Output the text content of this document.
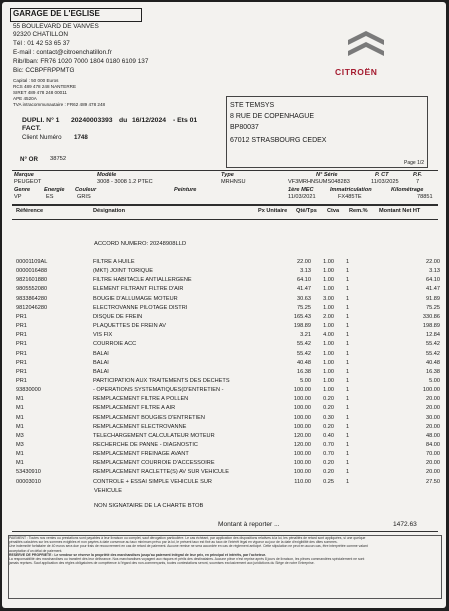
GARAGE DE L'EGLISE
55 BOULEVARD DE VANVES
92320 CHATILLON
Tél : 01 42 53 65 37
E-mail : contact@citroenchatillon.fr
Rib/Iban: FR76 1020 7000 1804 0180 6109 137
Bic: CCBPFRPPMTG
Capital : 50 000 Euros
RCS 489 478 248 NANTERRE
SIRET 489 478 248 00011
APE 4520A
TVA intracommunautaire : FR62 489 478 248
CITROËN
DUPLI. N° 1 20240003393 du 16/12/2024 - Ets 01
FACT.
Client Numéro 1748
STE TEMSYS
8 RUE DE COPENHAGUE
BP80037
67012 STRASBOURG CEDEX
N° OR 38752
Page 1/2
Marque	Modèle	Type	N° Série	P. CT	P.F.
PEUGEOT	3008 - 3008 1.2 PTEC	MRHNSU	VF3MRHNSUMS048283	11/03/2025	7
Genre Energie Couleur	Peinture	1ère MEC	Immatriculation	Kilométrage
VP	ES	GRIS	11/03/2021	FX485TE	78851
Référence	Désignation	Px Unitaire Qté/Tps Ctva Rem.% Montant Net HT
ACCORD NUMERO: 20248908LLD
00001109AL	FILTRE A HUILE	22.00 1.00 1	22.00
0000016488	(MKT) JOINT TORIQUE	3.13 1.00 1	3.13
9821601880	FILTRE HABITACLE ANTIALLERGENE	64.10 1.00 1	64.10
9805552080	ELEMENT FILTRANT FILTRE D'AIR	41.47 1.00 1	41.47
9833864280	BOUGIE D'ALLUMAGE MOTEUR	30.63 3.00 1	91.89
9812046280	ELECTROVANNE PILOTAGE DISTRI	75.25 1.00 1	75.25
PR1	DISQUE DE FREIN	165.43 2.00 1	330.86
PR1	PLAQUETTES DE FREIN AV	198.89 1.00 1	198.89
PR1	VIS FIX	3.21 4.00 1	12.84
PR1	COURROIE ACC	55.42 1.00 1	55.42
PR1	BALAI	55.42 1.00 1	55.42
PR1	BALAI	40.48 1.00 1	40.48
PR1	BALAI	16.38 1.00 1	16.38
PR1	PARTICIPATION AUX TRAITEMENTS DES DECHETS	5.00 1.00 1	5.00
93830000	- OPERATIONS SYSTEMATIQUES(D'ENTRETIEN -	100.00 1.00 1	100.00
M1	REMPLACEMENT FILTRE A POLLEN	100.00 0.20 1	20.00
M1	REMPLACEMENT FILTRE A AIR	100.00 0.20 1	20.00
M1	REMPLACEMENT BOUGIES D'ENTRETIEN	100.00 0.30 1	30.00
M1	REMPLACEMENT ELECTROVANNE	100.00 0.20 1	20.00
M3	TELECHARGEMENT CALCULATEUR MOTEUR	120.00 0.40 1	48.00
M3	RECHERCHE DE PANNE - DIAGNOSTIC	120.00 0.70 1	84.00
M1	REMPLACEMENT FREINAGE AVANT	100.00 0.70 1	70.00
M1	REMPLACEMENT COURROIE D'ACCESSOIRE	100.00 0.20 1	20.00
53430910	REMPLACEMENT RACLETTE(S) AV SUR VEHICULE	100.00 0.20 1	20.00
00003010	CONTROLE + ESSAI SIMPLE VEHICULE SUR	110.00 0.25 1	27.50
VEHICULE
NON SIGNATAIRE DE LA CHARTE BTOB
Montant à reporter ...	1472.63
PAIEMENT : Toutes nos ventes ou prestations sont payables à leur livraison ou complet, sauf dérogation particulière. Le cas échéant, par application des dispositions relatives à la loi, les pénalités de retard sont appliquées, si une quelque
pénalités calculées sur les sommes exigibles et non payées à date convenue au taux minimum prévu par la loi, le présent taux est fixé au taux de l'intérêt légal en vigueur au jour de la date d'exigibilité des dites sommes.
Une indemnité forfaitaire de 40 euros sera due pour frais de recouvrement en cas de retard de paiement. Aucune remise ne sera accordée en cas de règlement anticipé. Cette stipulation ne peut en aucun cas, être interprétée comme valant
acceptation d'un délai de paiement.
RESERVE DE PROPRIETE : Le vendeur se réserve la propriété des marchandises jusqu'au paiement intégral de leur prix, en principal et intérêts, par l'acheteur.
La responsabilité des marchandises ou transfert dès leur délivrance. Nos marchandises voyagent aux risques et périls des destinataires. Aucune pièce n'est reprise après 8 jours de livraison, les pièces commandées spécialement ne sont
jamais reprises. Sauf application des règles obligatoires de compétence à l'égard des non-commerçants, toutes contestations seront, soumises exclusivement aux juridictions du Siège de notre Entreprise.
